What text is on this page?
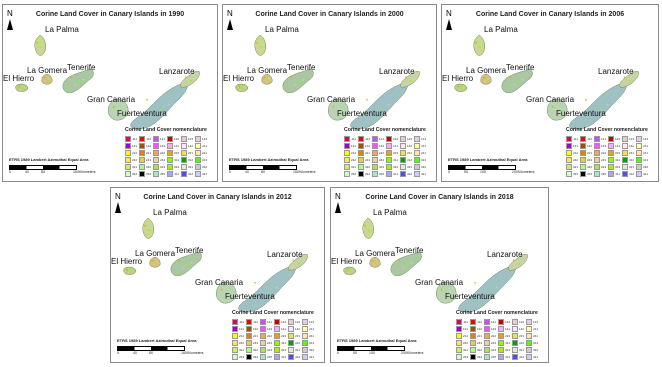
Corine Land Cover in Canary Islands in 1990
N
La Palma
El Hierro
La Gomera Tenerife
Gran Canaria
Fuerteventura
Lanzarote
Corine Land Cover nomenclature
111	112	121	122	123	124
131	132	133	141	142	211
212	221	222	223	231	241
242	243	244	311	312	313
321	322	323	324	331	332
333	334	335	411	412	421
ETRS 1989 Lambert Azimuthal Equal Area
0	40	80	160 Kilometers
Corine Land Cover in Canary Islands in 2000
N
La Palma
El Hierro
La Gomera Tenerife
Gran Canaria
Fuerteventura
Lanzarote
Corine Land Cover nomenclature
111	112	121	122	123	124
131	132	133	141	142	211
212	221	222	223	231	241
242	243	244	311	312	313
321	322	323	324	331	332
333	334	335	411	412	421
ETRS 1989 Lambert Azimuthal Equal Area
0	40	80	160 Kilometers
Corine Land Cover in Canary Islands in 2006
N
La Palma
El Hierro
La Gomera Tenerife
Gran Canaria
Fuerteventura
Lanzarote
Corine Land Cover nomenclature
111	112	121	122	123	124
131	132	133	141	142	211
212	221	222	223	231	241
242	243	244	311	312	313
321	322	323	324	331	332
333	334	335	411	412	421
ETRS 1989 Lambert Azimuthal Equal Area
0	50	100	200 Kilometers
Corine Land Cover in Canary Islands in 2012
N
La Palma
El Hierro
La Gomera Tenerife
Gran Canaria
Fuerteventura
Lanzarote
Corine Land Cover nomenclature
111	112	121	122	123	124
131	132	133	141	142	211
212	221	222	223	231	241
242	243	244	311	312	313
321	322	323	324	331	332
333	334	335	411	412	421
ETRS 1989 Lambert Azimuthal Equal Area
0	40	80	160 Kilometers
Corine Land Cover in Canary Islands in 2018
N
La Palma
El Hierro
La Gomera Tenerife
Gran Canaria
Fuerteventura
Lanzarote
Corine Land Cover nomenclature
111	112	121	122	123	124
131	132	133	141	142	211
212	221	222	223	231	241
242	243	244	311	312	313
321	322	323	324	331	332
333	334	335	411	412	421
ETRS 1989 Lambert Azimuthal Equal Area
0	50	100	200 Kilometers
